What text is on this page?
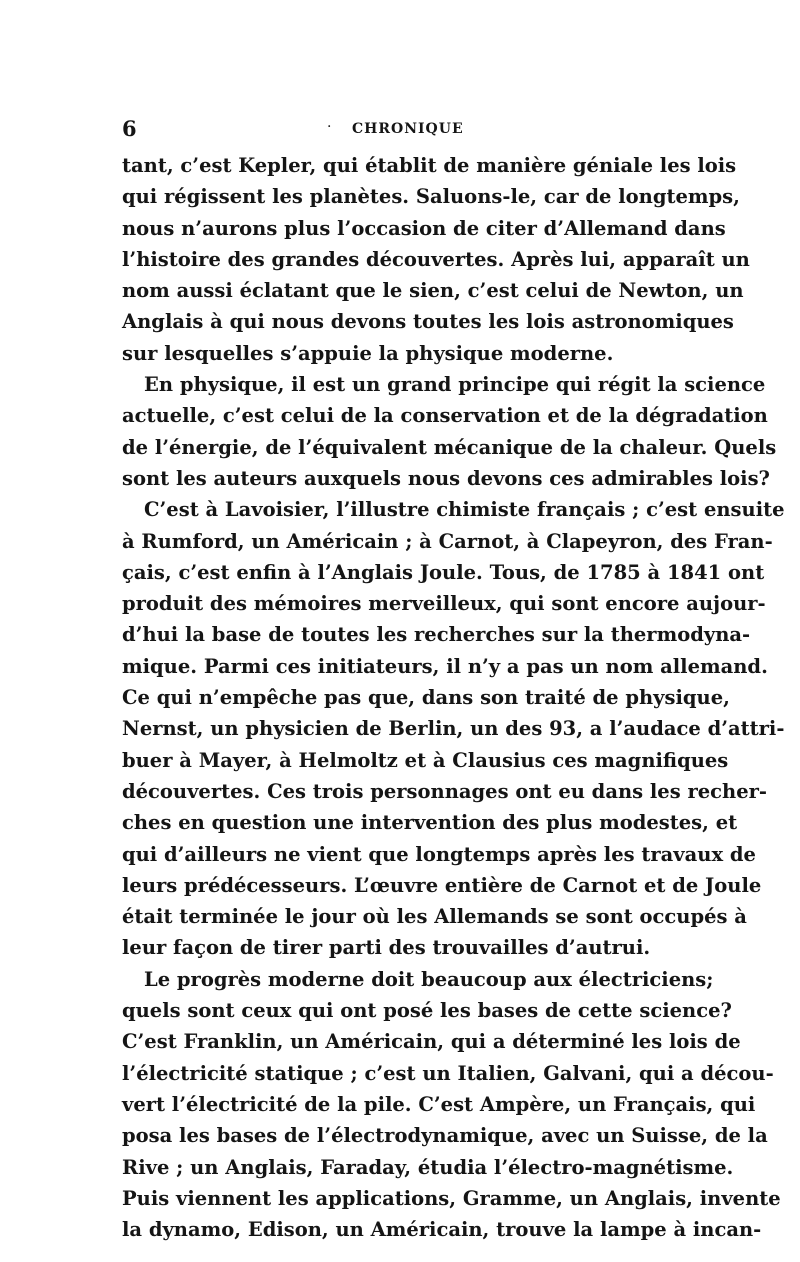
6	· CHRONIQUE
tant, c’est Kepler, qui établit de manière géniale les lois
qui régissent les planètes. Saluons-le, car de longtemps,
nous n’aurons plus l’occasion de citer d’Allemand dans
l’histoire des grandes découvertes. Après lui, apparaît un
nom aussi éclatant que le sien, c’est celui de Newton, un
Anglais à qui nous devons toutes les lois astronomiques
sur lesquelles s’appuie la physique moderne.
En physique, il est un grand principe qui régit la science
actuelle, c’est celui de la conservation et de la dégradation
de l’énergie, de l’équivalent mécanique de la chaleur. Quels
sont les auteurs auxquels nous devons ces admirables lois?
C’est à Lavoisier, l’illustre chimiste français ; c’est ensuite
à Rumford, un Américain ; à Carnot, à Clapeyron, des Fran-
çais, c’est enfin à l’Anglais Joule. Tous, de 1785 à 1841 ont
produit des mémoires merveilleux, qui sont encore aujour-
d’hui la base de toutes les recherches sur la thermodyna-
mique. Parmi ces initiateurs, il n’y a pas un nom allemand.
Ce qui n’empêche pas que, dans son traité de physique,
Nernst, un physicien de Berlin, un des 93, a l’audace d’attri-
buer à Mayer, à Helmoltz et à Clausius ces magnifiques
découvertes. Ces trois personnages ont eu dans les recher-
ches en question une intervention des plus modestes, et
qui d’ailleurs ne vient que longtemps après les travaux de
leurs prédécesseurs. L’œuvre entière de Carnot et de Joule
était terminée le jour où les Allemands se sont occupés à
leur façon de tirer parti des trouvailles d’autrui.
Le progrès moderne doit beaucoup aux électriciens;
quels sont ceux qui ont posé les bases de cette science?
C’est Franklin, un Américain, qui a déterminé les lois de
l’électricité statique ; c’est un Italien, Galvani, qui a décou-
vert l’électricité de la pile. C’est Ampère, un Français, qui
posa les bases de l’électrodynamique, avec un Suisse, de la
Rive ; un Anglais, Faraday, étudia l’électro-magnétisme.
Puis viennent les applications, Gramme, un Anglais, invente
la dynamo, Edison, un Américain, trouve la lampe à incan-
